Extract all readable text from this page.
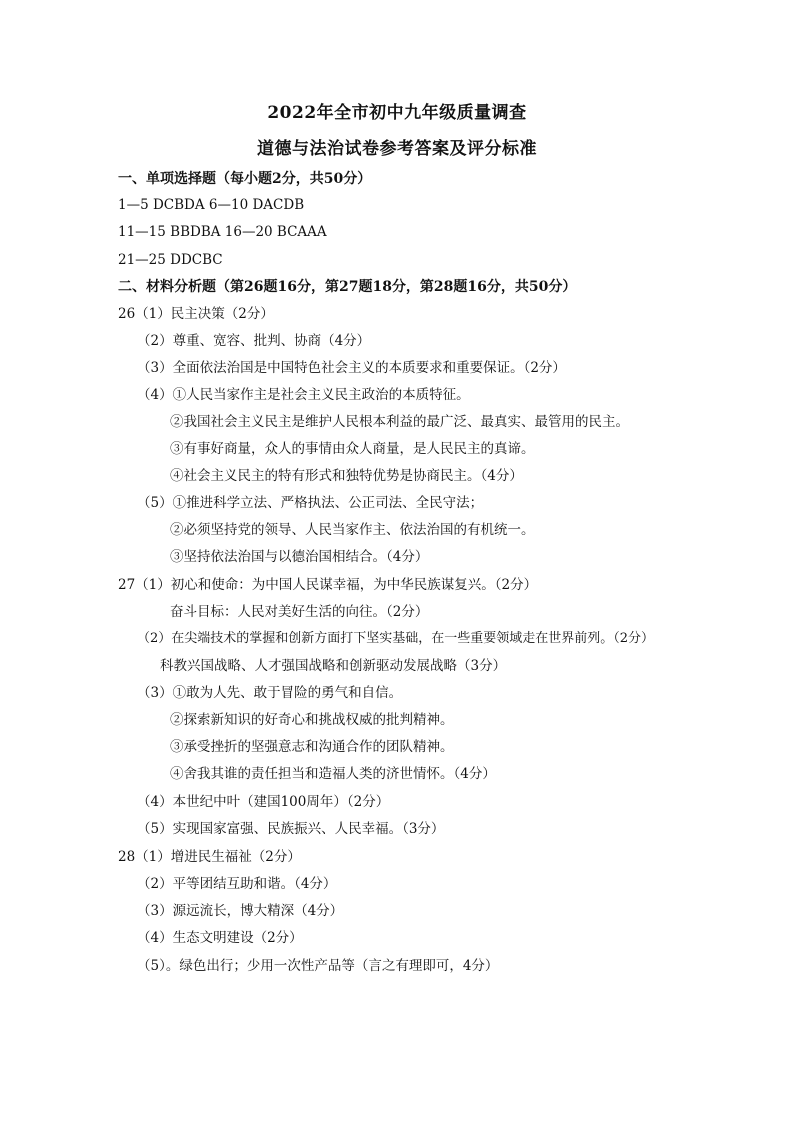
2022年全市初中九年级质量调查
道德与法治试卷参考答案及评分标准
一、单项选择题（每小题2分，共50分）
1—5 DCBDA 6—10 DACDB
11—15 BBDBA 16—20 BCAAA
21—25 DDCBC
二、材料分析题（第26题16分，第27题18分，第28题16分，共50分）
26（1）民主决策（2分）
（2）尊重、宽容、批判、协商（4分）
（3）全面依法治国是中国特色社会主义的本质要求和重要保证。（2分）
（4）①人民当家作主是社会主义民主政治的本质特征。
②我国社会主义民主是维护人民根本利益的最广泛、最真实、最管用的民主。
③有事好商量，众人的事情由众人商量，是人民民主的真谛。
④社会主义民主的特有形式和独特优势是协商民主。（4分）
（5）①推进科学立法、严格执法、公正司法、全民守法；
②必须坚持党的领导、人民当家作主、依法治国的有机统一。
③坚持依法治国与以德治国相结合。（4分）
27（1）初心和使命：为中国人民谋幸福，为中华民族谋复兴。（2分）
奋斗目标：人民对美好生活的向往。（2分）
（2）在尖端技术的掌握和创新方面打下坚实基础，在一些重要领域走在世界前列。（2分）
科教兴国战略、人才强国战略和创新驱动发展战略（3分）
（3）①敢为人先、敢于冒险的勇气和自信。
②探索新知识的好奇心和挑战权威的批判精神。
③承受挫折的坚强意志和沟通合作的团队精神。
④舍我其谁的责任担当和造福人类的济世情怀。（4分）
（4）本世纪中叶（建国100周年）（2分）
（5）实现国家富强、民族振兴、人民幸福。（3分）
28（1）增进民生福祉（2分）
（2）平等团结互助和谐。（4分）
（3）源远流长，博大精深（4分）
（4）生态文明建设（2分）
（5）。绿色出行；少用一次性产品等（言之有理即可，4分）
